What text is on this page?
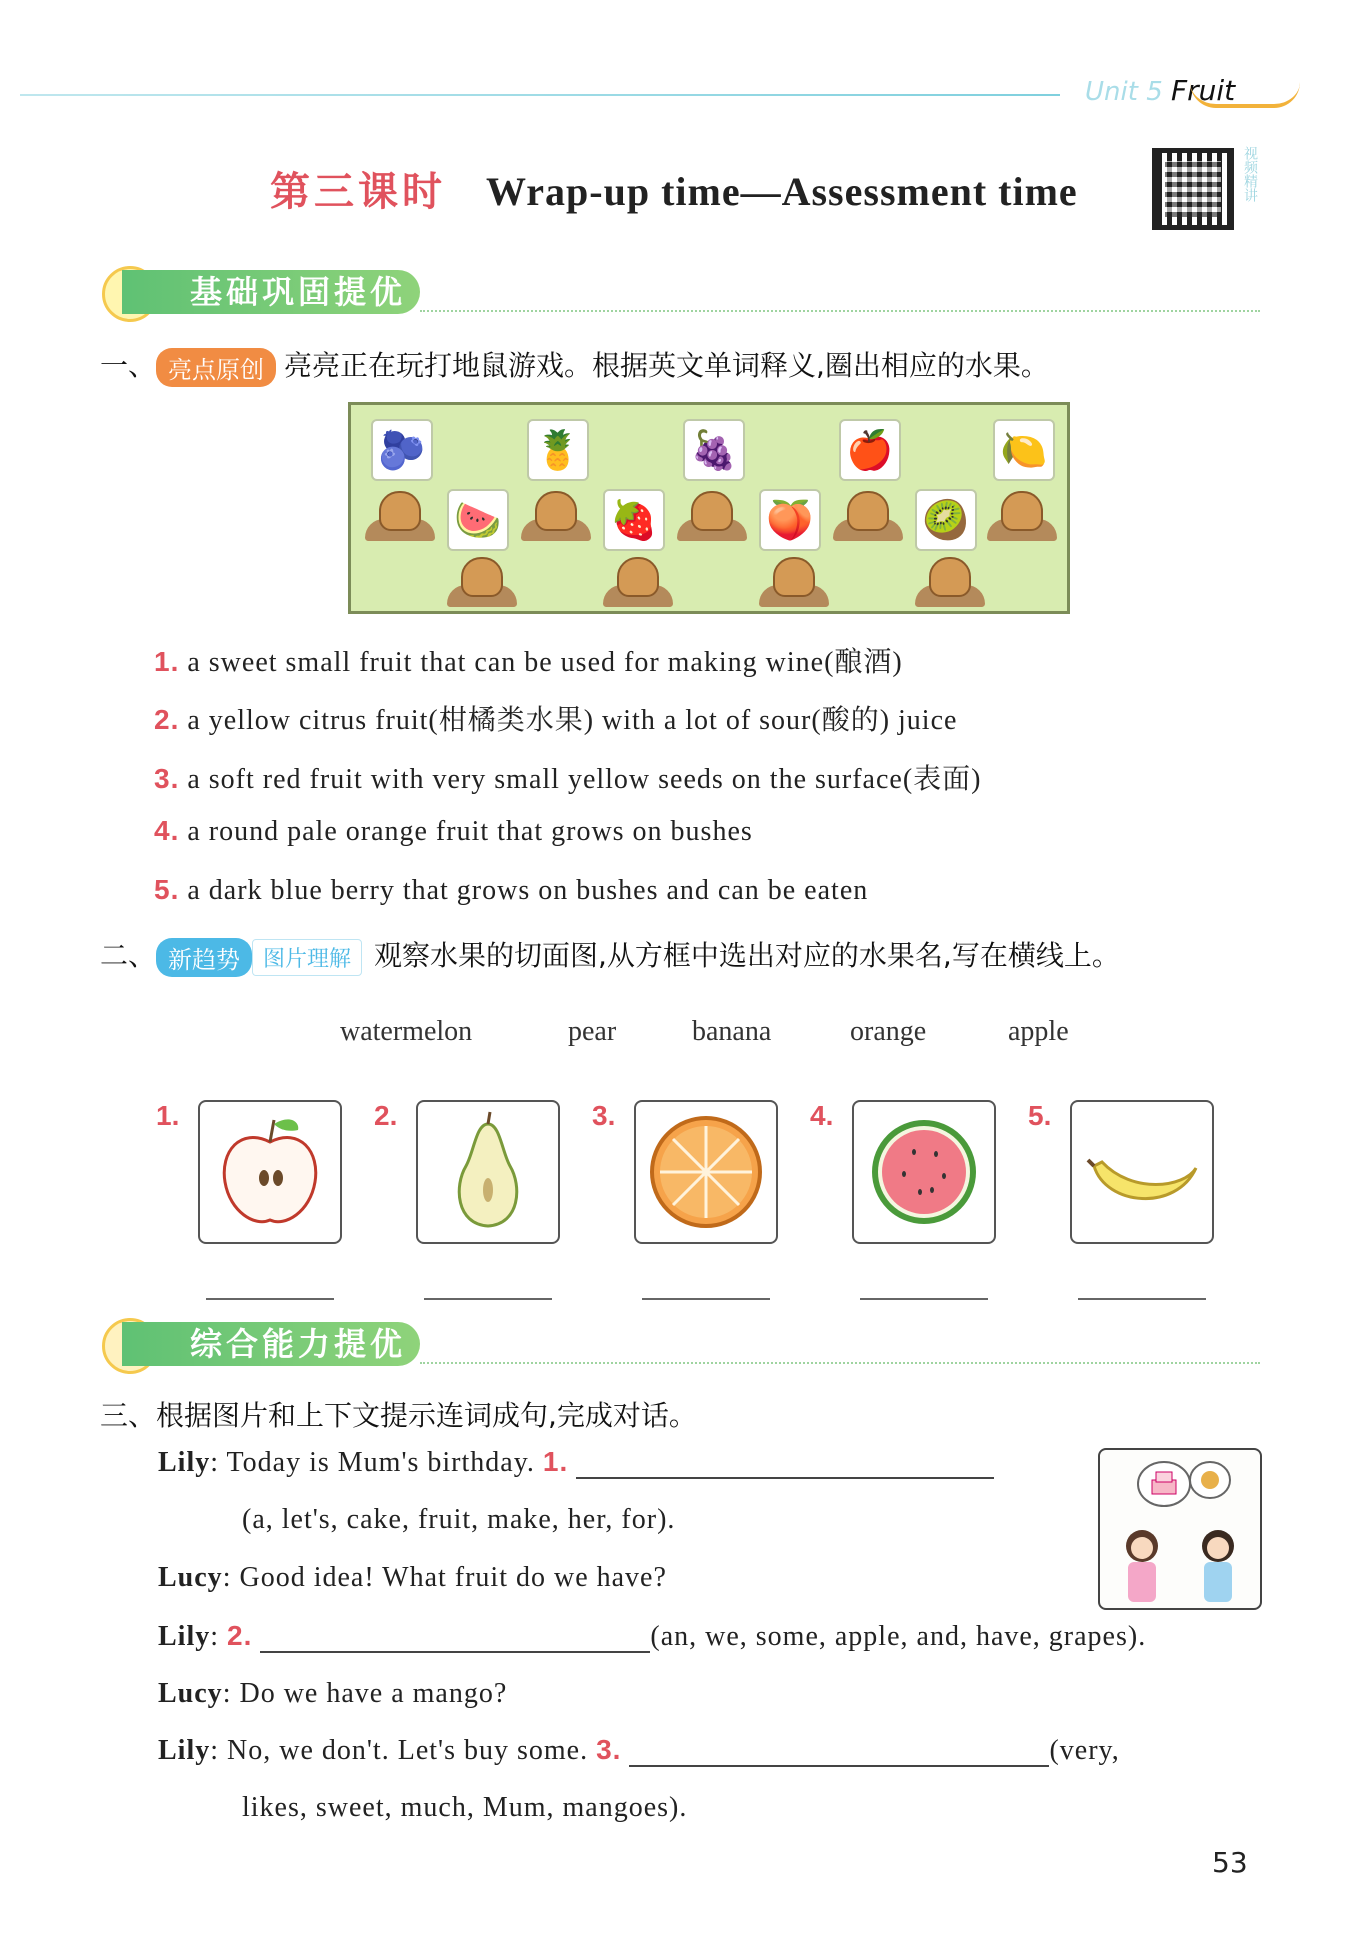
Unit 5 Fruit
第三课时 Wrap-up time—Assessment time	视频精讲
基础巩固提优
一、 亮点原创 亮亮正在玩打地鼠游戏。根据英文单词释义,圈出相应的水果。
🫐	🍍	🍇	🍎	🍋
🍉	🍓	🍑	🥝
1. a sweet small fruit that can be used for making wine(酿酒)
2. a yellow citrus fruit(柑橘类水果) with a lot of sour(酸的) juice
3. a soft red fruit with very small yellow seeds on the surface(表面)
4. a round pale orange fruit that grows on bushes
5. a dark blue berry that grows on bushes and can be eaten
二、 新趋势 图片理解 观察水果的切面图,从方框中选出对应的水果名,写在横线上。
watermelon	pear	banana	orange	apple
1.	2.	3.	4.	5.
综合能力提优
三、根据图片和上下文提示连词成句,完成对话。
Lily: Today is Mum's birthday. 1.
(a, let's, cake, fruit, make, her, for).
Lucy: Good idea! What fruit do we have?
Lily: 2.	(an, we, some, apple, and, have, grapes).
Lucy: Do we have a mango?
Lily: No, we don't. Let's buy some. 3.	(very,
likes, sweet, much, Mum, mangoes).
53
